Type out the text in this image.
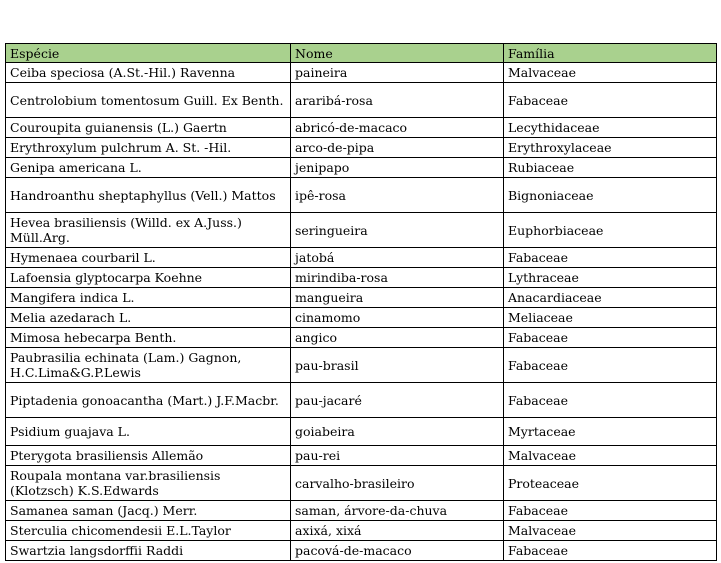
Espécie	Nome	Família
Ceiba speciosa (A.St.-Hil.) Ravenna	paineira	Malvaceae
Centrolobium tomentosum Guill. Ex Benth.	araribá-rosa	Fabaceae
Couroupita guianensis (L.) Gaertn	abricó-de-macaco	Lecythidaceae
Erythroxylum pulchrum A. St. -Hil.	arco-de-pipa	Erythroxylaceae
Genipa americana L.	jenipapo	Rubiaceae
Handroanthu sheptaphyllus (Vell.) Mattos	ipê-rosa	Bignoniaceae
Hevea brasiliensis (Willd. ex A.Juss.) Müll.Arg.	seringueira	Euphorbiaceae
Hymenaea courbaril L.	jatobá	Fabaceae
Lafoensia glyptocarpa Koehne	mirindiba-rosa	Lythraceae
Mangifera indica L.	mangueira	Anacardiaceae
Melia azedarach L.	cinamomo	Meliaceae
Mimosa hebecarpa Benth.	angico	Fabaceae
Paubrasilia echinata (Lam.) Gagnon, H.C.Lima&G.P.Lewis	pau-brasil	Fabaceae
Piptadenia gonoacantha (Mart.) J.F.Macbr.	pau-jacaré	Fabaceae
Psidium guajava L.	goiabeira	Myrtaceae
Pterygota brasiliensis Allemão	pau-rei	Malvaceae
Roupala montana var.brasiliensis (Klotzsch) K.S.Edwards	carvalho-brasileiro	Proteaceae
Samanea saman (Jacq.) Merr.	saman, árvore-da-chuva	Fabaceae
Sterculia chicomendesii E.L.Taylor	axixá, xixá	Malvaceae
Swartzia langsdorffii Raddi	pacová-de-macaco	Fabaceae
